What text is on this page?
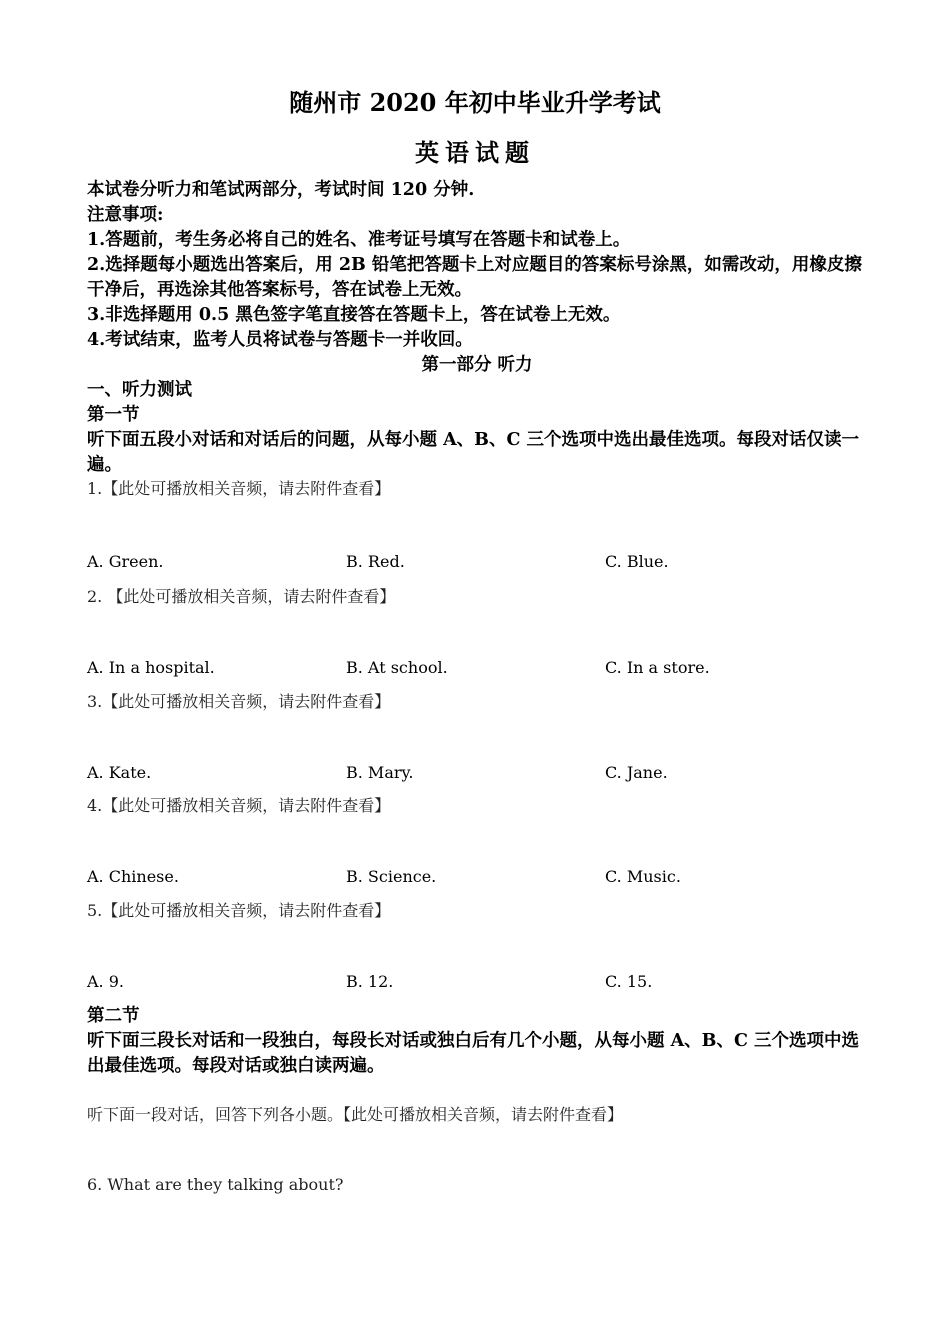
随州市 2020 年初中毕业升学考试
英语试题

本试卷分听力和笔试两部分，考试时间 120 分钟.

注意事项:

1.答题前，考生务必将自己的姓名、准考证号填写在答题卡和试卷上。

2.选择题每小题选出答案后，用 2B 铅笔把答题卡上对应题目的答案标号涂黑，如需改动，用橡皮擦干净后，再选涂其他答案标号，答在试卷上无效。

3.非选择题用 0.5 黑色签字笔直接答在答题卡上，答在试卷上无效。

4.考试结束，监考人员将试卷与答题卡一并收回。

第一部分 听力

一、听力测试

第一节

听下面五段小对话和对话后的问题，从每小题 A、B、C 三个选项中选出最佳选项。每段对话仅读一遍。

1.【此处可播放相关音频，请去附件查看】
A. Green.	B. Red.	C. Blue.
2. 【此处可播放相关音频，请去附件查看】
A. In a hospital.	B. At school.	C. In a store.
3.【此处可播放相关音频，请去附件查看】
A. Kate.	B. Mary.	C. Jane.
4.【此处可播放相关音频，请去附件查看】
A. Chinese.	B. Science.	C. Music.
5.【此处可播放相关音频，请去附件查看】
A. 9.	B. 12.	C. 15.

第二节

听下面三段长对话和一段独白，每段长对话或独白后有几个小题，从每小题 A、B、C 三个选项中选出最佳选项。每段对话或独白读两遍。

听下面一段对话，回答下列各小题。【此处可播放相关音频，请去附件查看】
6. What are they talking about?
